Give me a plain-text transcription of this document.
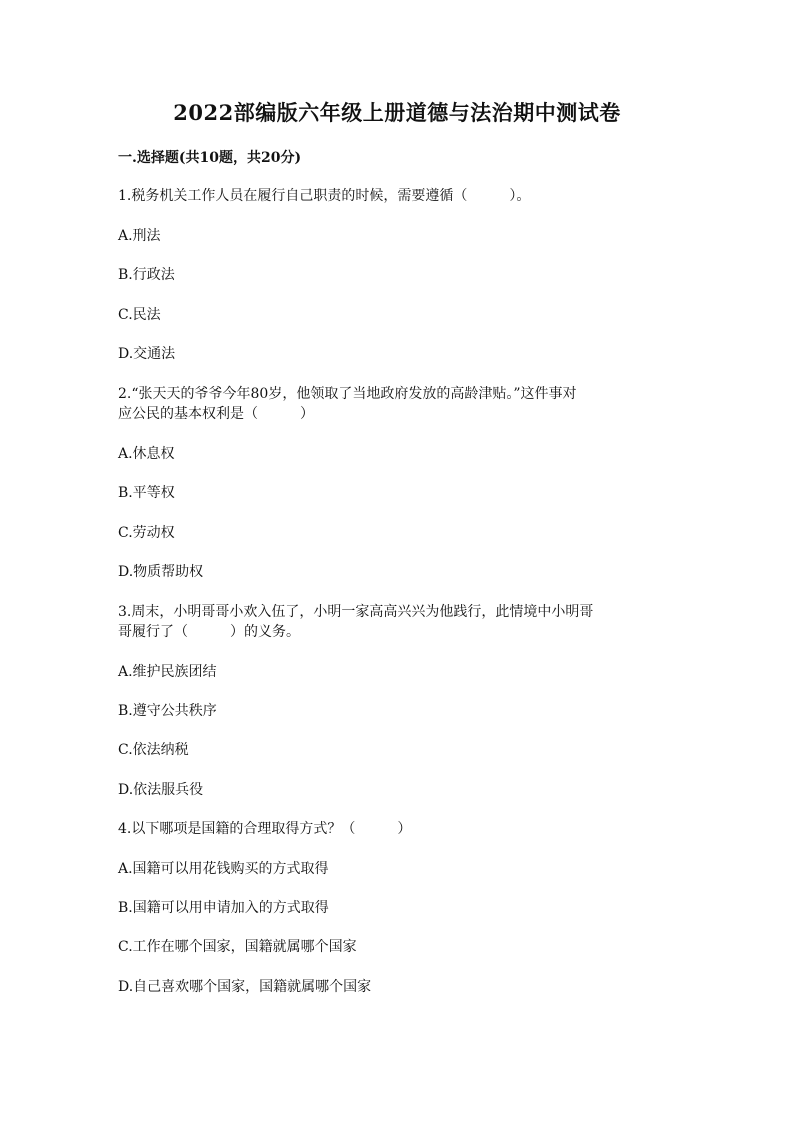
2022部编版六年级上册道德与法治期中测试卷
一.选择题(共10题，共20分)
1.税务机关工作人员在履行自己职责的时候，需要遵循（　　　）。
A.刑法
B.行政法
C.民法
D.交通法
2.“张天天的爷爷今年80岁，他领取了当地政府发放的高龄津贴。”这件事对
应公民的基本权利是（　　　）
A.休息权
B.平等权
C.劳动权
D.物质帮助权
3.周末，小明哥哥小欢入伍了，小明一家高高兴兴为他践行，此情境中小明哥
哥履行了（　　　）的义务。
A.维护民族团结
B.遵守公共秩序
C.依法纳税
D.依法服兵役
4.以下哪项是国籍的合理取得方式？（　　　）
A.国籍可以用花钱购买的方式取得
B.国籍可以用申请加入的方式取得
C.工作在哪个国家，国籍就属哪个国家
D.自己喜欢哪个国家，国籍就属哪个国家
